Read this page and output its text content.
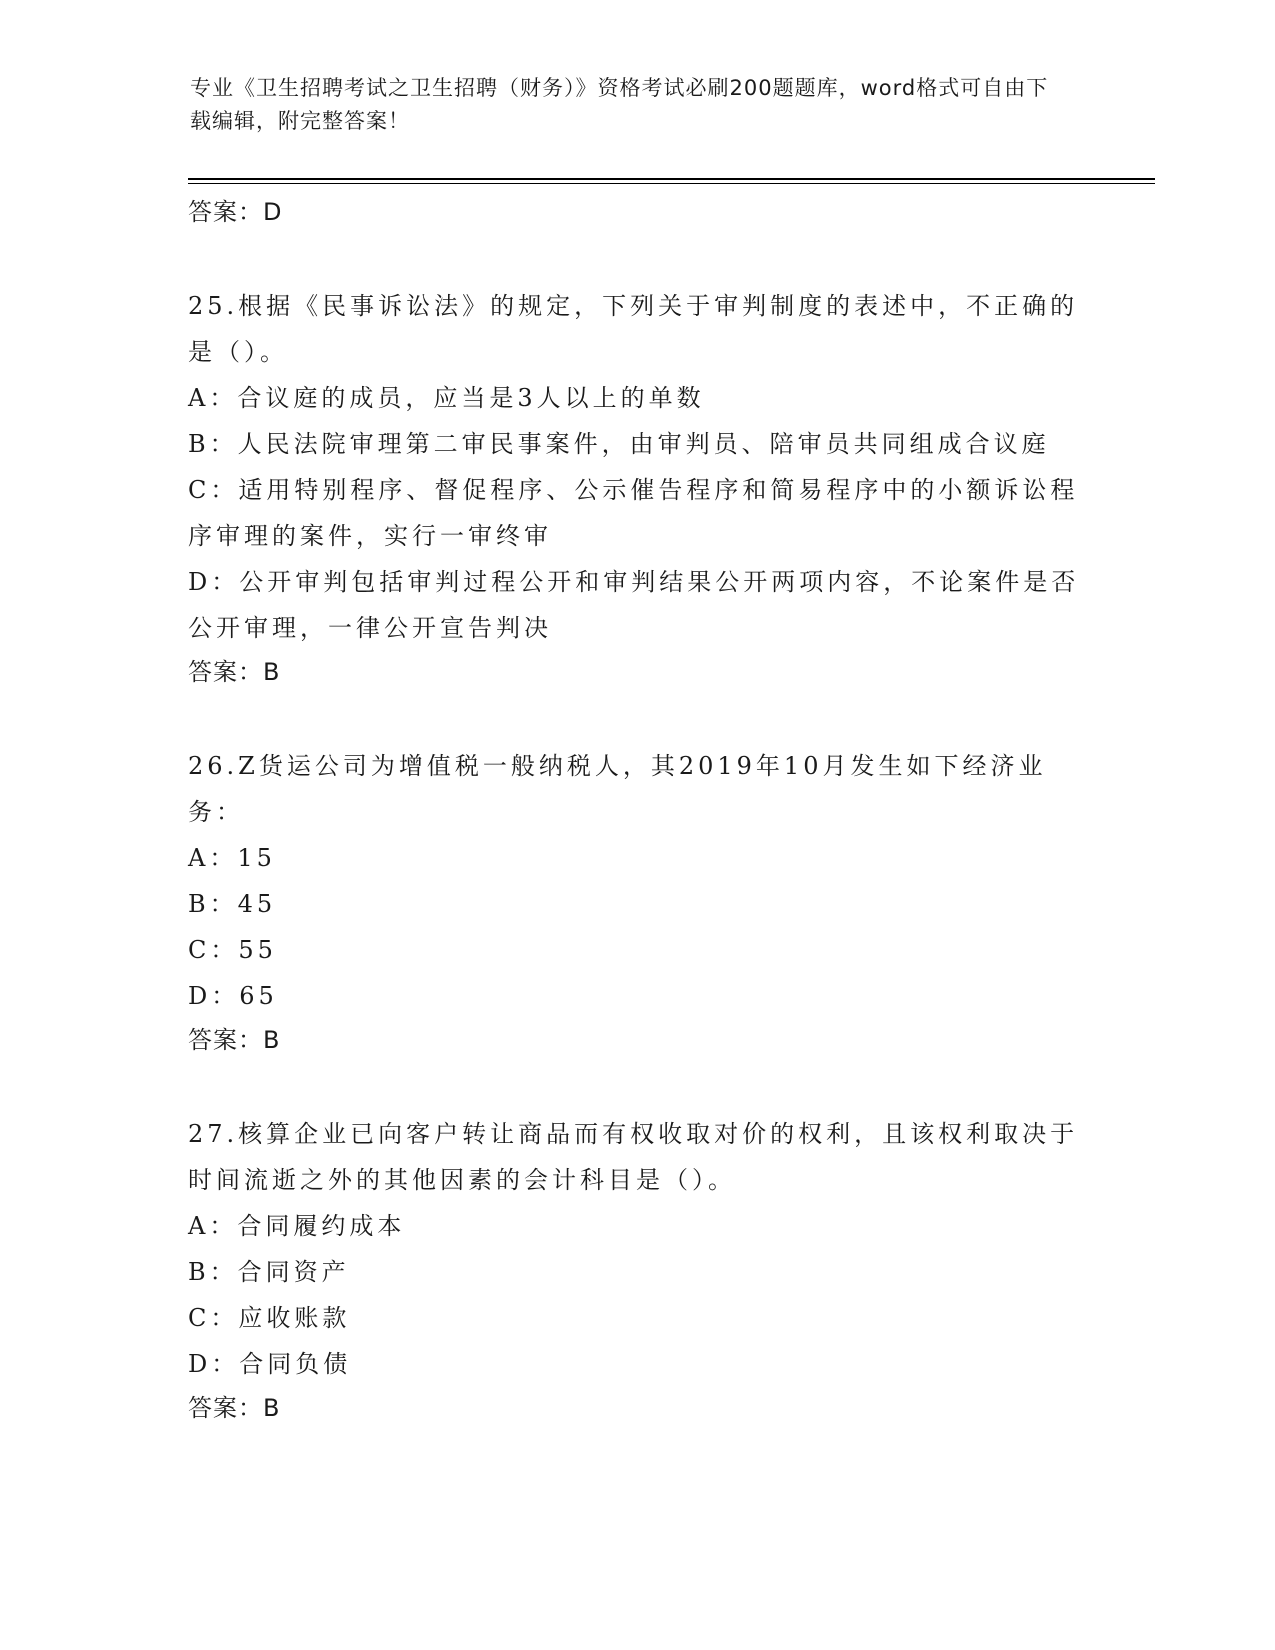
专业《卫生招聘考试之卫生招聘（财务）》资格考试必刷200题题库，word格式可自由下载编辑，附完整答案！

答案：D

25.根据《民事诉讼法》的规定，下列关于审判制度的表述中，不正确的是（）。

A：合议庭的成员，应当是3人以上的单数

B：人民法院审理第二审民事案件，由审判员、陪审员共同组成合议庭

C：适用特别程序、督促程序、公示催告程序和简易程序中的小额诉讼程序审理的案件，实行一审终审

D：公开审判包括审判过程公开和审判结果公开两项内容，不论案件是否公开审理，一律公开宣告判决

答案：B

26.Z货运公司为增值税一般纳税人，其2019年10月发生如下经济业务：

A：15

B：45

C：55

D：65

答案：B

27.核算企业已向客户转让商品而有权收取对价的权利，且该权利取决于时间流逝之外的其他因素的会计科目是（）。

A：合同履约成本

B：合同资产

C：应收账款

D：合同负债

答案：B
